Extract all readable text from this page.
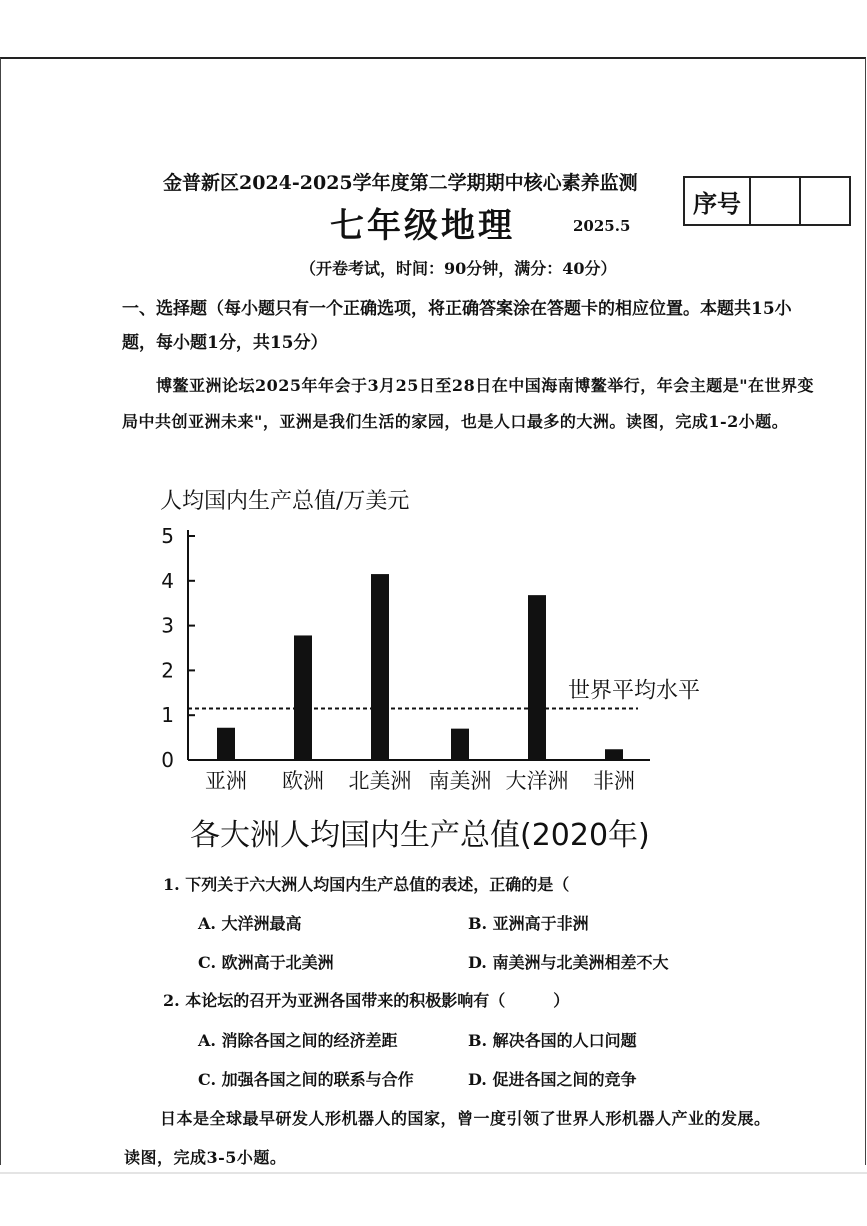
金普新区2024-2025学年度第二学期期中核心素养监测
七年级地理	2025.5
（开卷考试，时间：90分钟，满分：40分）
序号
一、选择题（每小题只有一个正确选项，将正确答案涂在答题卡的相应位置。本题共15小题，每小题1分，共15分）
博鳌亚洲论坛2025年年会于3月25日至28日在中国海南博鳌举行，年会主题是"在世界变局中共创亚洲未来"，亚洲是我们生活的家园，也是人口最多的大洲。读图，完成1-2小题。
人均国内生产总值/万美元
0
1
2
3
4
5
亚洲 欧洲 北美洲 南美洲 大洋洲 非洲
世界平均水平
各大洲人均国内生产总值(2020年)
1. 下列关于六大洲人均国内生产总值的表述，正确的是（
A. 大洋洲最高	B. 亚洲高于非洲
C. 欧洲高于北美洲	D. 南美洲与北美洲相差不大
2. 本论坛的召开为亚洲各国带来的积极影响有（　　　）
A. 消除各国之间的经济差距	B. 解决各国的人口问题
C. 加强各国之间的联系与合作	D. 促进各国之间的竞争
日本是全球最早研发人形机器人的国家，曾一度引领了世界人形机器人产业的发展。
读图，完成3-5小题。
